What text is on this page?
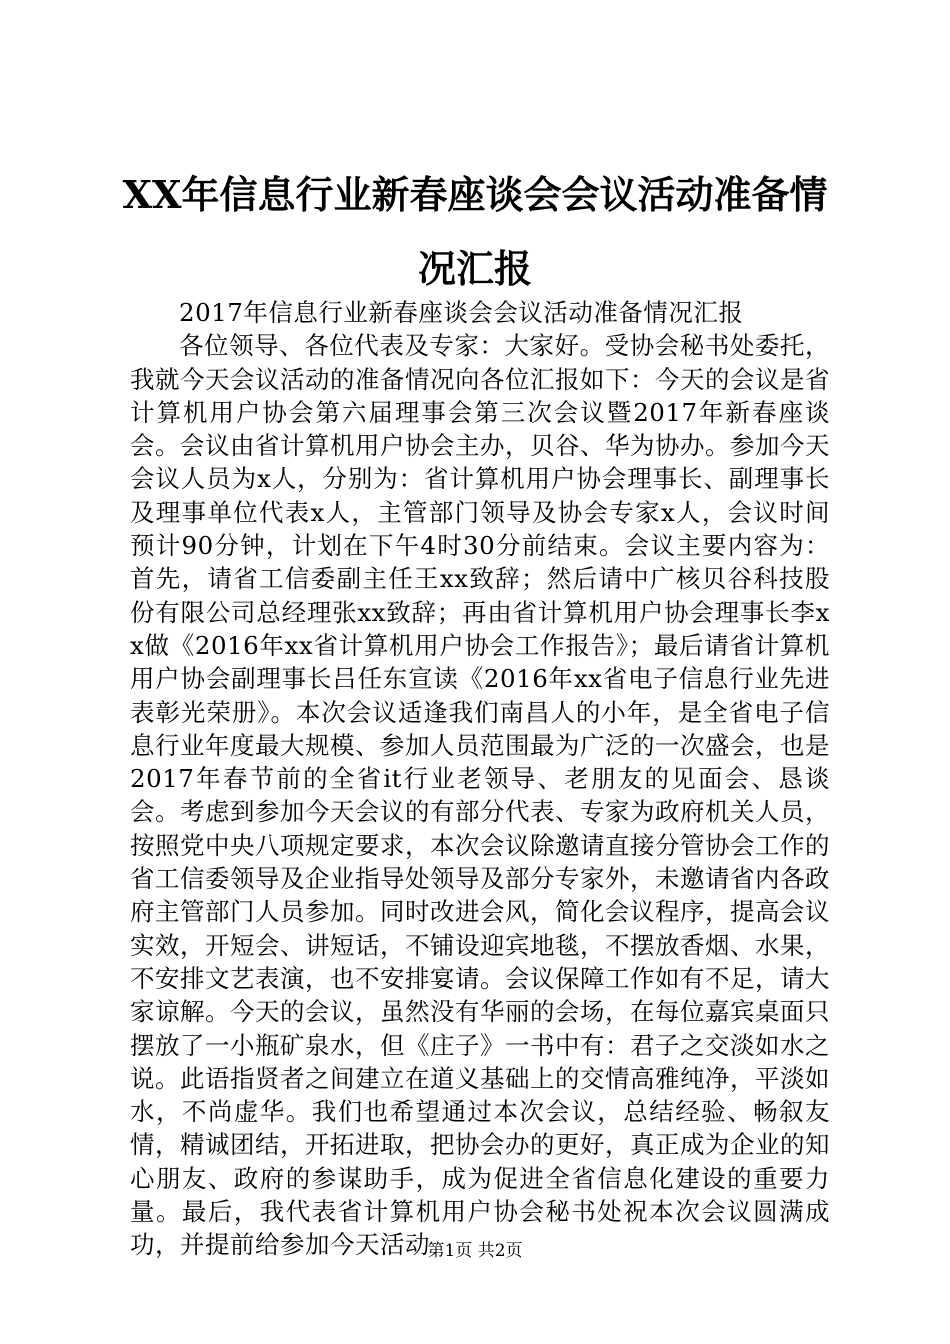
XX年信息行业新春座谈会会议活动准备情况汇报

2017年信息行业新春座谈会会议活动准备情况汇报

各位领导、各位代表及专家：大家好。受协会秘书处委托，我就今天会议活动的准备情况向各位汇报如下：今天的会议是省计算机用户协会第六届理事会第三次会议暨2017年新春座谈会。会议由省计算机用户协会主办，贝谷、华为协办。参加今天会议人员为x人，分别为：省计算机用户协会理事长、副理事长及理事单位代表x人，主管部门领导及协会专家x人，会议时间预计90分钟，计划在下午4时30分前结束。会议主要内容为：首先，请省工信委副主任王xx致辞；然后请中广核贝谷科技股份有限公司总经理张xx致辞；再由省计算机用户协会理事长李xx做《2016年xx省计算机用户协会工作报告》；最后请省计算机用户协会副理事长吕任东宣读《2016年xx省电子信息行业先进表彰光荣册》。本次会议适逢我们南昌人的小年，是全省电子信息行业年度最大规模、参加人员范围最为广泛的一次盛会，也是2017年春节前的全省it行业老领导、老朋友的见面会、恳谈会。考虑到参加今天会议的有部分代表、专家为政府机关人员，按照党中央八项规定要求，本次会议除邀请直接分管协会工作的省工信委领导及企业指导处领导及部分专家外，未邀请省内各政府主管部门人员参加。同时改进会风，简化会议程序，提高会议实效，开短会、讲短话，不铺设迎宾地毯，不摆放香烟、水果，不安排文艺表演，也不安排宴请。会议保障工作如有不足，请大家谅解。今天的会议，虽然没有华丽的会场，在每位嘉宾桌面只摆放了一小瓶矿泉水，但《庄子》一书中有：君子之交淡如水之说。此语指贤者之间建立在道义基础上的交情高雅纯净，平淡如水，不尚虚华。我们也希望通过本次会议，总结经验、畅叙友情，精诚团结，开拓进取，把协会办的更好，真正成为企业的知心朋友、政府的参谋助手，成为促进全省信息化建设的重要力量。最后，我代表省计算机用户协会秘书处祝本次会议圆满成功，并提前给参加今天活动

第1页 共2页
